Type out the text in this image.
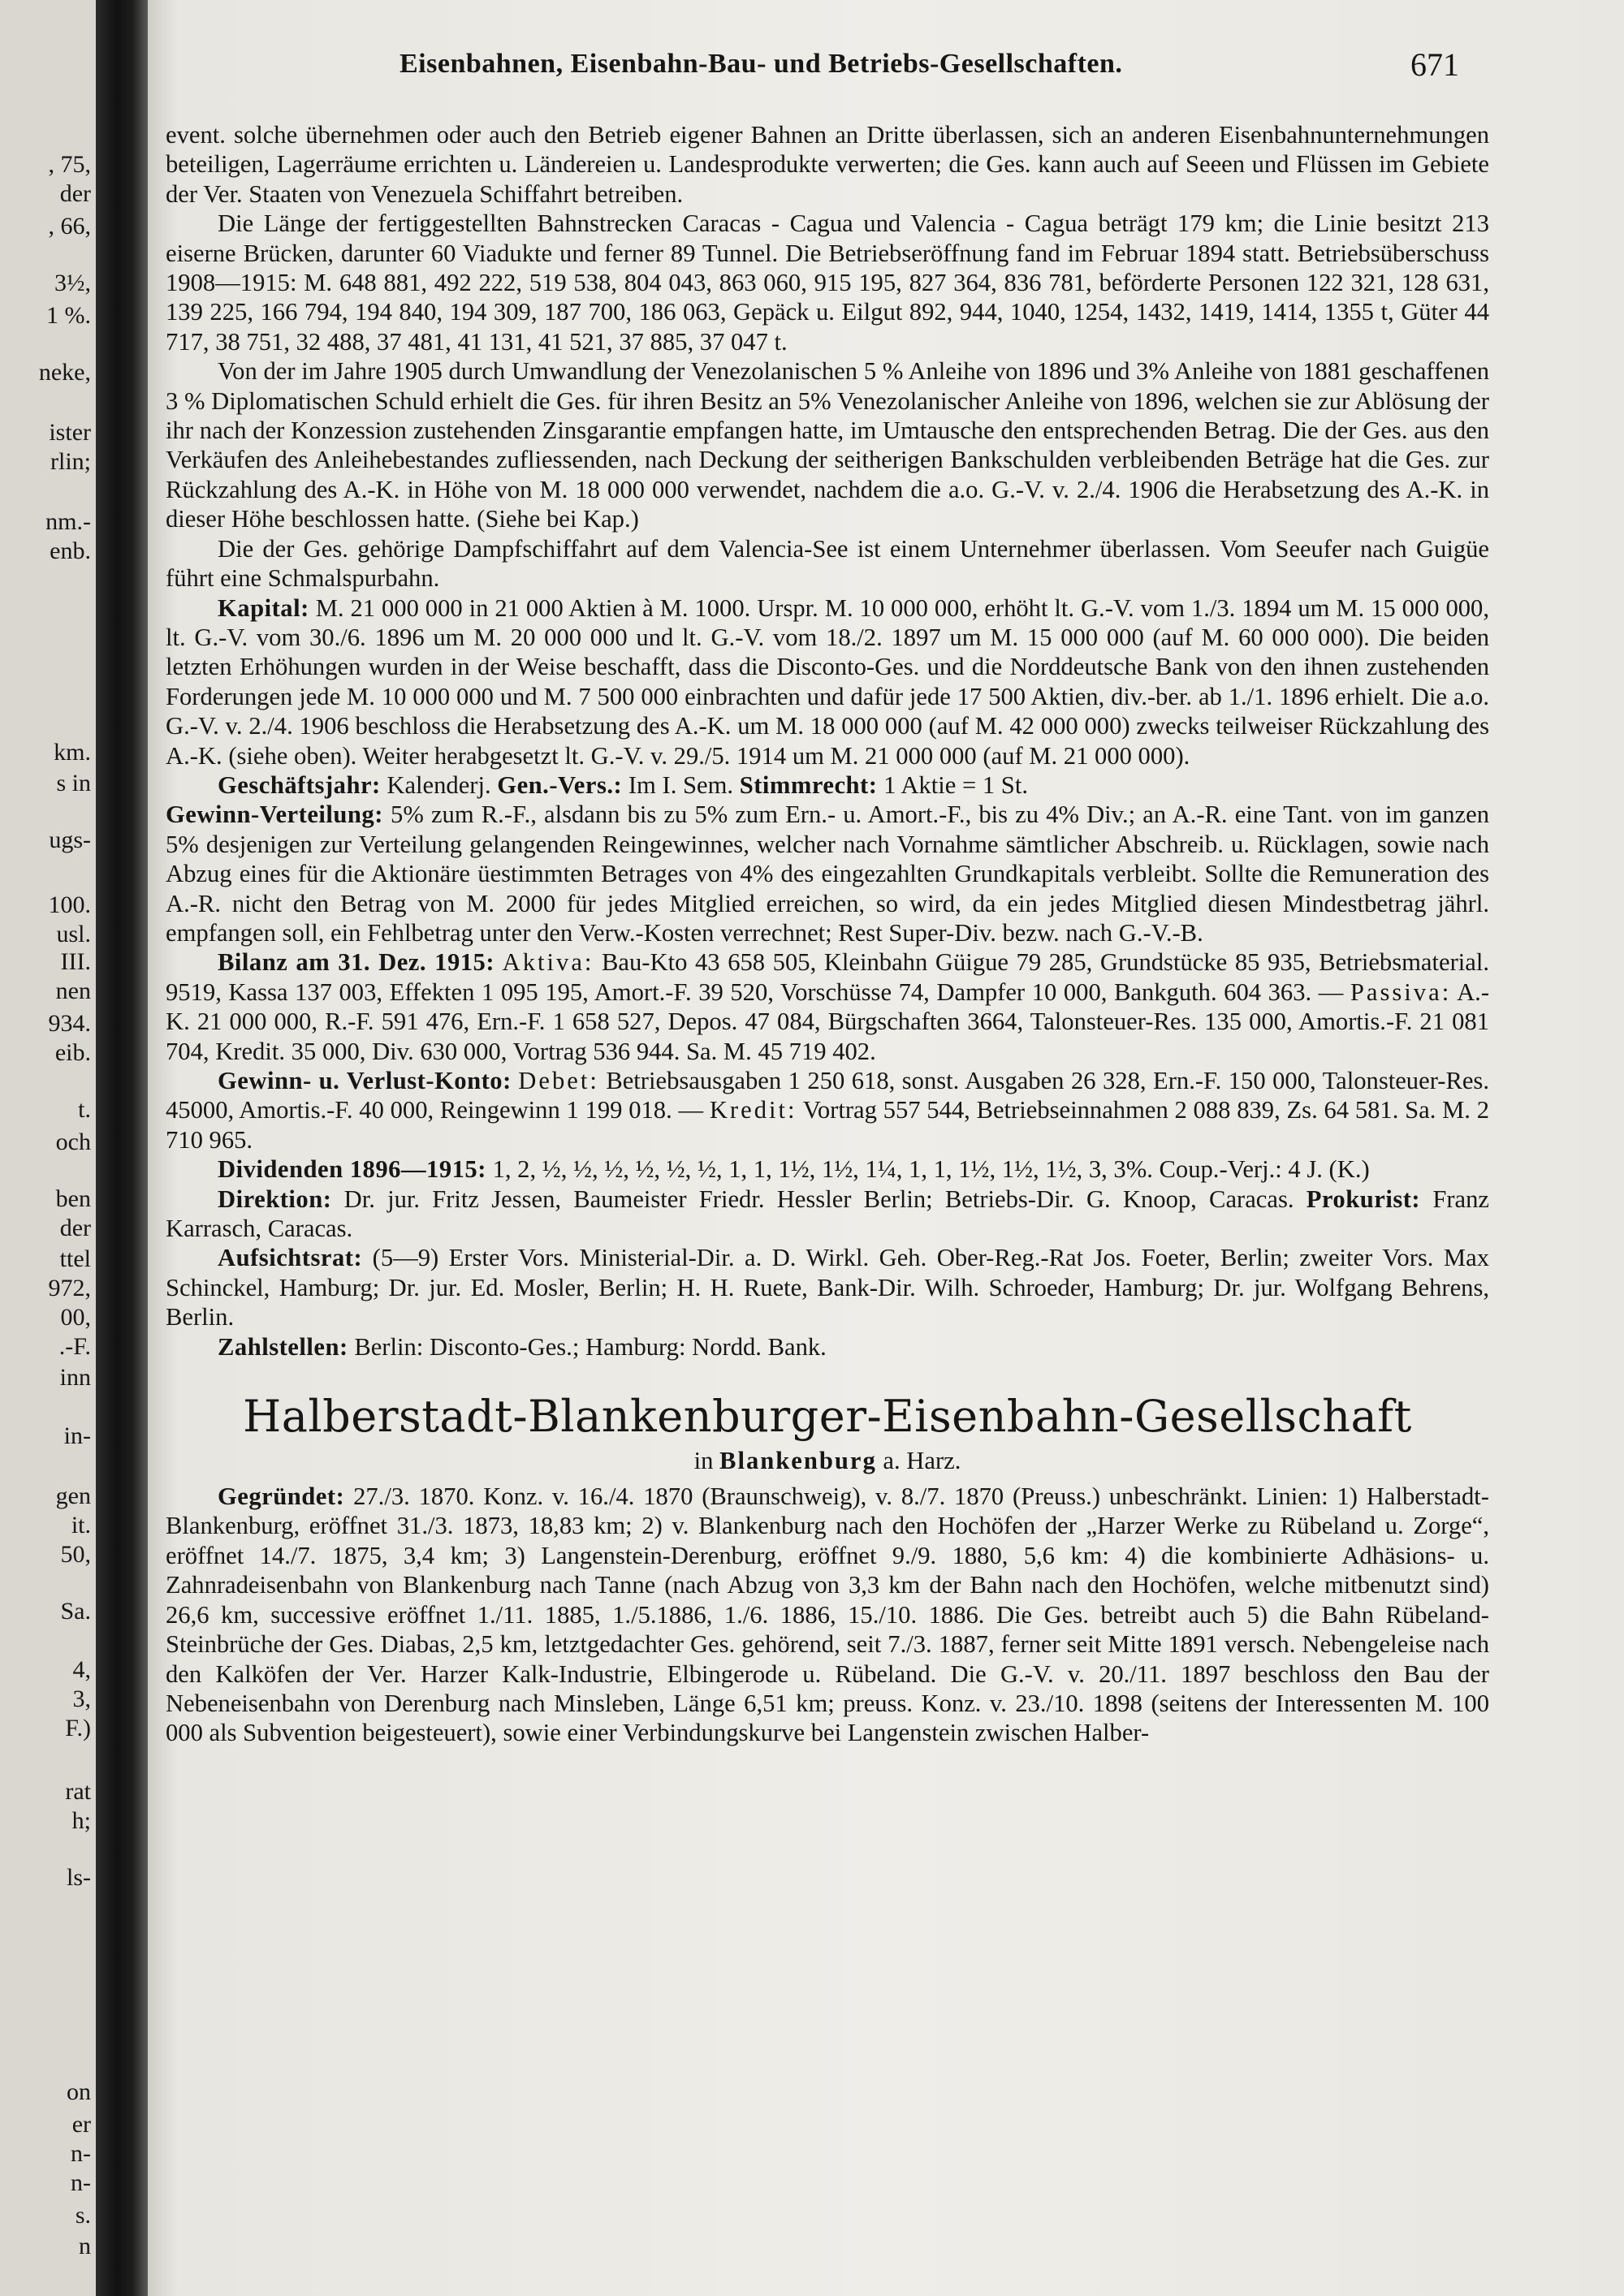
, 75,
der
, 66,
3½,
1 %.
neke,
ister
rlin;
nm.-
enb.
km.
s in
ugs-
100.
usl.
III.
nen
934.
eib.
t.
och
ben
der
ttel
972,
00,
.-F.
inn
in-
gen
it.
50,
Sa.
4,
3,
F.)
rat
h;
ls-
on
er
n-
n-
s.
n
Eisenbahnen, Eisenbahn-Bau- und Betriebs-Gesellschaften.	671

event. solche übernehmen oder auch den Betrieb eigener Bahnen an Dritte überlassen, sich an anderen Eisenbahnunternehmungen beteiligen, Lagerräume errichten u. Ländereien u. Landesprodukte verwerten; die Ges. kann auch auf Seeen und Flüssen im Gebiete der Ver. Staaten von Venezuela Schiffahrt betreiben.

Die Länge der fertiggestellten Bahnstrecken Caracas - Cagua und Valencia - Cagua beträgt 179 km; die Linie besitzt 213 eiserne Brücken, darunter 60 Viadukte und ferner 89 Tunnel. Die Betriebseröffnung fand im Februar 1894 statt. Betriebsüberschuss 1908—1915: M. 648 881, 492 222, 519 538, 804 043, 863 060, 915 195, 827 364, 836 781, beförderte Personen 122 321, 128 631, 139 225, 166 794, 194 840, 194 309, 187 700, 186 063, Gepäck u. Eilgut 892, 944, 1040, 1254, 1432, 1419, 1414, 1355 t, Güter 44 717, 38 751, 32 488, 37 481, 41 131, 41 521, 37 885, 37 047 t.

Von der im Jahre 1905 durch Umwandlung der Venezolanischen 5 % Anleihe von 1896 und 3% Anleihe von 1881 geschaffenen 3 % Diplomatischen Schuld erhielt die Ges. für ihren Besitz an 5% Venezolanischer Anleihe von 1896, welchen sie zur Ablösung der ihr nach der Konzession zustehenden Zinsgarantie empfangen hatte, im Umtausche den entsprechenden Betrag. Die der Ges. aus den Verkäufen des Anleihebestandes zufliessenden, nach Deckung der seitherigen Bankschulden verbleibenden Beträge hat die Ges. zur Rückzahlung des A.-K. in Höhe von M. 18 000 000 verwendet, nachdem die a.o. G.-V. v. 2./4. 1906 die Herabsetzung des A.-K. in dieser Höhe beschlossen hatte. (Siehe bei Kap.)

Die der Ges. gehörige Dampfschiffahrt auf dem Valencia-See ist einem Unternehmer überlassen. Vom Seeufer nach Guigüe führt eine Schmalspurbahn.

Kapital: M. 21 000 000 in 21 000 Aktien à M. 1000. Urspr. M. 10 000 000, erhöht lt. G.-V. vom 1./3. 1894 um M. 15 000 000, lt. G.-V. vom 30./6. 1896 um M. 20 000 000 und lt. G.-V. vom 18./2. 1897 um M. 15 000 000 (auf M. 60 000 000). Die beiden letzten Erhöhungen wurden in der Weise beschafft, dass die Disconto-Ges. und die Norddeutsche Bank von den ihnen zustehenden Forderungen jede M. 10 000 000 und M. 7 500 000 einbrachten und dafür jede 17 500 Aktien, div.-ber. ab 1./1. 1896 erhielt. Die a.o. G.-V. v. 2./4. 1906 beschloss die Herabsetzung des A.-K. um M. 18 000 000 (auf M. 42 000 000) zwecks teilweiser Rückzahlung des A.-K. (siehe oben). Weiter herabgesetzt lt. G.-V. v. 29./5. 1914 um M. 21 000 000 (auf M. 21 000 000).

Geschäftsjahr: Kalenderj. Gen.-Vers.: Im I. Sem. Stimmrecht: 1 Aktie = 1 St.

Gewinn-Verteilung: 5% zum R.-F., alsdann bis zu 5% zum Ern.- u. Amort.-F., bis zu 4% Div.; an A.-R. eine Tant. von im ganzen 5% desjenigen zur Verteilung gelangenden Reingewinnes, welcher nach Vornahme sämtlicher Abschreib. u. Rücklagen, sowie nach Abzug eines für die Aktionäre üestimmten Betrages von 4% des eingezahlten Grundkapitals verbleibt. Sollte die Remuneration des A.-R. nicht den Betrag von M. 2000 für jedes Mitglied erreichen, so wird, da ein jedes Mitglied diesen Mindestbetrag jährl. empfangen soll, ein Fehlbetrag unter den Verw.-Kosten verrechnet; Rest Super-Div. bezw. nach G.-V.-B.

Bilanz am 31. Dez. 1915: Aktiva: Bau-Kto 43 658 505, Kleinbahn Güigue 79 285, Grundstücke 85 935, Betriebsmaterial. 9519, Kassa 137 003, Effekten 1 095 195, Amort.-F. 39 520, Vorschüsse 74, Dampfer 10 000, Bankguth. 604 363. — Passiva: A.-K. 21 000 000, R.-F. 591 476, Ern.-F. 1 658 527, Depos. 47 084, Bürgschaften 3664, Talonsteuer-Res. 135 000, Amortis.-F. 21 081 704, Kredit. 35 000, Div. 630 000, Vortrag 536 944. Sa. M. 45 719 402.

Gewinn- u. Verlust-Konto: Debet: Betriebsausgaben 1 250 618, sonst. Ausgaben 26 328, Ern.-F. 150 000, Talonsteuer-Res. 45000, Amortis.-F. 40 000, Reingewinn 1 199 018. — Kredit: Vortrag 557 544, Betriebseinnahmen 2 088 839, Zs. 64 581. Sa. M. 2 710 965.

Dividenden 1896—1915: 1, 2, ½, ½, ½, ½, ½, ½, 1, 1, 1½, 1½, 1¼, 1, 1, 1½, 1½, 1½, 3, 3%. Coup.-Verj.: 4 J. (K.)

Direktion: Dr. jur. Fritz Jessen, Baumeister Friedr. Hessler Berlin; Betriebs-Dir. G. Knoop, Caracas. Prokurist: Franz Karrasch, Caracas.

Aufsichtsrat: (5—9) Erster Vors. Ministerial-Dir. a. D. Wirkl. Geh. Ober-Reg.-Rat Jos. Foeter, Berlin; zweiter Vors. Max Schinckel, Hamburg; Dr. jur. Ed. Mosler, Berlin; H. H. Ruete, Bank-Dir. Wilh. Schroeder, Hamburg; Dr. jur. Wolfgang Behrens, Berlin.

Zahlstellen: Berlin: Disconto-Ges.; Hamburg: Nordd. Bank.

Halberstadt-Blankenburger-Eisenbahn-Gesellschaft
in Blankenburg a. Harz.

Gegründet: 27./3. 1870. Konz. v. 16./4. 1870 (Braunschweig), v. 8./7. 1870 (Preuss.) unbeschränkt. Linien: 1) Halberstadt-Blankenburg, eröffnet 31./3. 1873, 18,83 km; 2) v. Blankenburg nach den Hochöfen der „Harzer Werke zu Rübeland u. Zorge“, eröffnet 14./7. 1875, 3,4 km; 3) Langenstein-Derenburg, eröffnet 9./9. 1880, 5,6 km: 4) die kombinierte Adhäsions- u. Zahnradeisenbahn von Blankenburg nach Tanne (nach Abzug von 3,3 km der Bahn nach den Hochöfen, welche mitbenutzt sind) 26,6 km, successive eröffnet 1./11. 1885, 1./5.1886, 1./6. 1886, 15./10. 1886. Die Ges. betreibt auch 5) die Bahn Rübeland-Steinbrüche der Ges. Diabas, 2,5 km, letztgedachter Ges. gehörend, seit 7./3. 1887, ferner seit Mitte 1891 versch. Nebengeleise nach den Kalköfen der Ver. Harzer Kalk-Industrie, Elbingerode u. Rübeland. Die G.-V. v. 20./11. 1897 beschloss den Bau der Nebeneisenbahn von Derenburg nach Minsleben, Länge 6,51 km; preuss. Konz. v. 23./10. 1898 (seitens der Interessenten M. 100 000 als Subvention beigesteuert), sowie einer Verbindungskurve bei Langenstein zwischen Halber-
